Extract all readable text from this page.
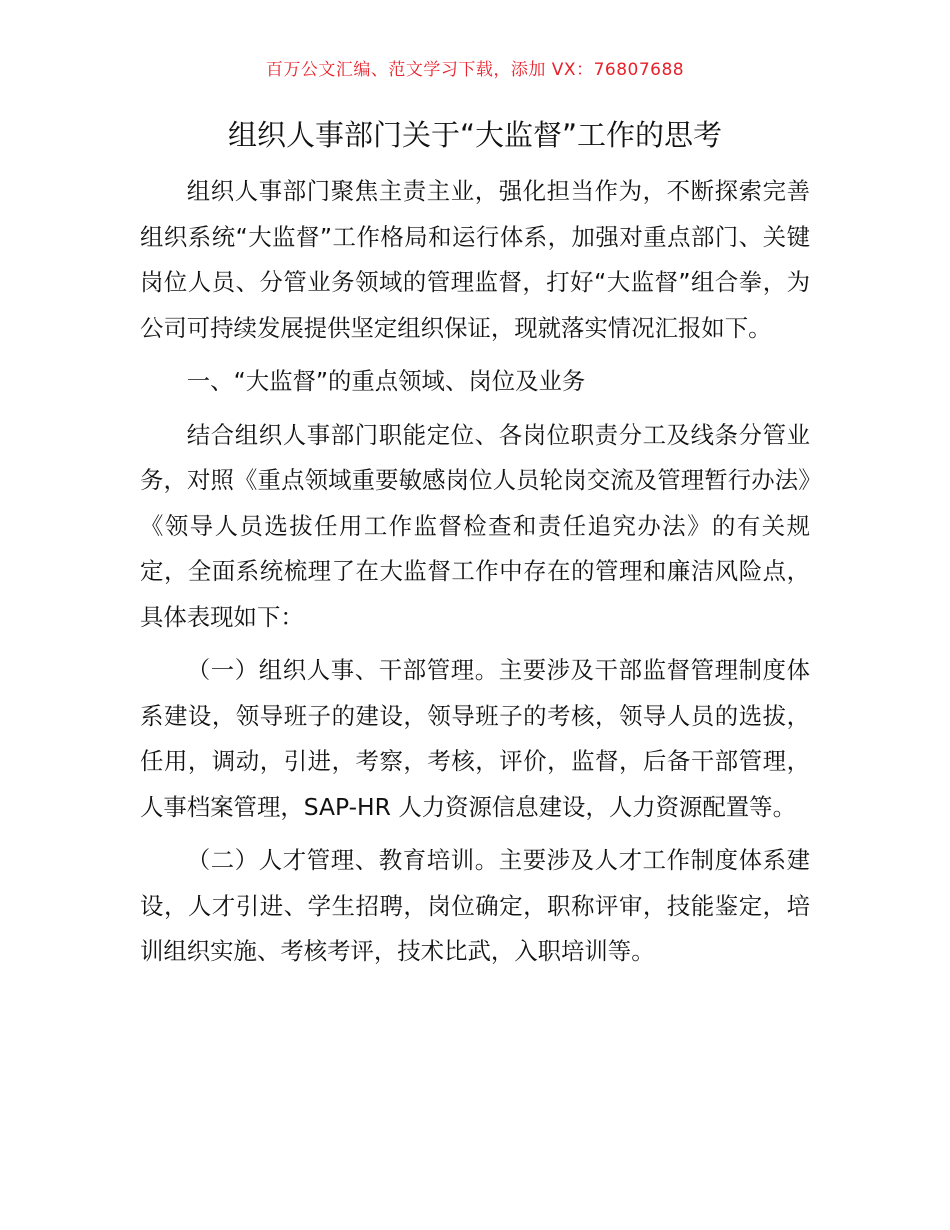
百万公文汇编、范文学习下载，添加 VX：76807688
组织人事部门关于“大监督”工作的思考

组织人事部门聚焦主责主业，强化担当作为，不断探索完善组织系统“大监督”工作格局和运行体系，加强对重点部门、关键岗位人员、分管业务领域的管理监督，打好“大监督”组合拳，为公司可持续发展提供坚定组织保证，现就落实情况汇报如下。

一、“大监督”的重点领域、岗位及业务

结合组织人事部门职能定位、各岗位职责分工及线条分管业务，对照《重点领域重要敏感岗位人员轮岗交流及管理暂行办法》《领导人员选拔任用工作监督检查和责任追究办法》的有关规定，全面系统梳理了在大监督工作中存在的管理和廉洁风险点，具体表现如下：

（一）组织人事、干部管理。主要涉及干部监督管理制度体系建设，领导班子的建设，领导班子的考核，领导人员的选拔，任用，调动，引进，考察，考核，评价，监督，后备干部管理，人事档案管理，SAP-HR 人力资源信息建设，人力资源配置等。

（二）人才管理、教育培训。主要涉及人才工作制度体系建设，人才引进、学生招聘，岗位确定，职称评审，技能鉴定，培训组织实施、考核考评，技术比武，入职培训等。
